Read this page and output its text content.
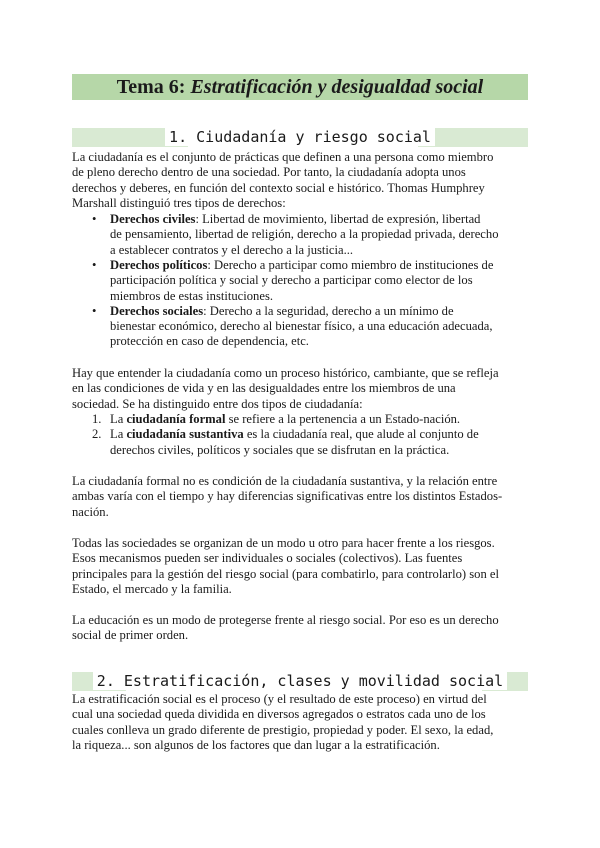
Tema 6: Estratificación y desigualdad social
1. Ciudadanía y riesgo social
2. Estratificación, clases y movilidad social
La ciudadanía es el conjunto de prácticas que definen a una persona como miembro
de pleno derecho dentro de una sociedad. Por tanto, la ciudadanía adopta unos
derechos y deberes, en función del contexto social e histórico. Thomas Humphrey
Marshall distinguió tres tipos de derechos:
• Derechos civiles: Libertad de movimiento, libertad de expresión, libertad
de pensamiento, libertad de religión, derecho a la propiedad privada, derecho
a establecer contratos y el derecho a la justicia...
• Derechos políticos: Derecho a participar como miembro de instituciones de
participación política y social y derecho a participar como elector de los
miembros de estas instituciones.
• Derechos sociales: Derecho a la seguridad, derecho a un mínimo de
bienestar económico, derecho al bienestar físico, a una educación adecuada,
protección en caso de dependencia, etc.
Hay que entender la ciudadanía como un proceso histórico, cambiante, que se refleja
en las condiciones de vida y en las desigualdades entre los miembros de una
sociedad. Se ha distinguido entre dos tipos de ciudadanía:
1. La ciudadanía formal se refiere a la pertenencia a un Estado-nación.
2. La ciudadanía sustantiva es la ciudadanía real, que alude al conjunto de
derechos civiles, políticos y sociales que se disfrutan en la práctica.
La ciudadanía formal no es condición de la ciudadanía sustantiva, y la relación entre
ambas varía con el tiempo y hay diferencias significativas entre los distintos Estados-
nación.
Todas las sociedades se organizan de un modo u otro para hacer frente a los riesgos.
Esos mecanismos pueden ser individuales o sociales (colectivos). Las fuentes
principales para la gestión del riesgo social (para combatirlo, para controlarlo) son el
Estado, el mercado y la familia.
La educación es un modo de protegerse frente al riesgo social. Por eso es un derecho
social de primer orden.
La estratificación social es el proceso (y el resultado de este proceso) en virtud del
cual una sociedad queda dividida en diversos agregados o estratos cada uno de los
cuales conlleva un grado diferente de prestigio, propiedad y poder. El sexo, la edad,
la riqueza... son algunos de los factores que dan lugar a la estratificación.
